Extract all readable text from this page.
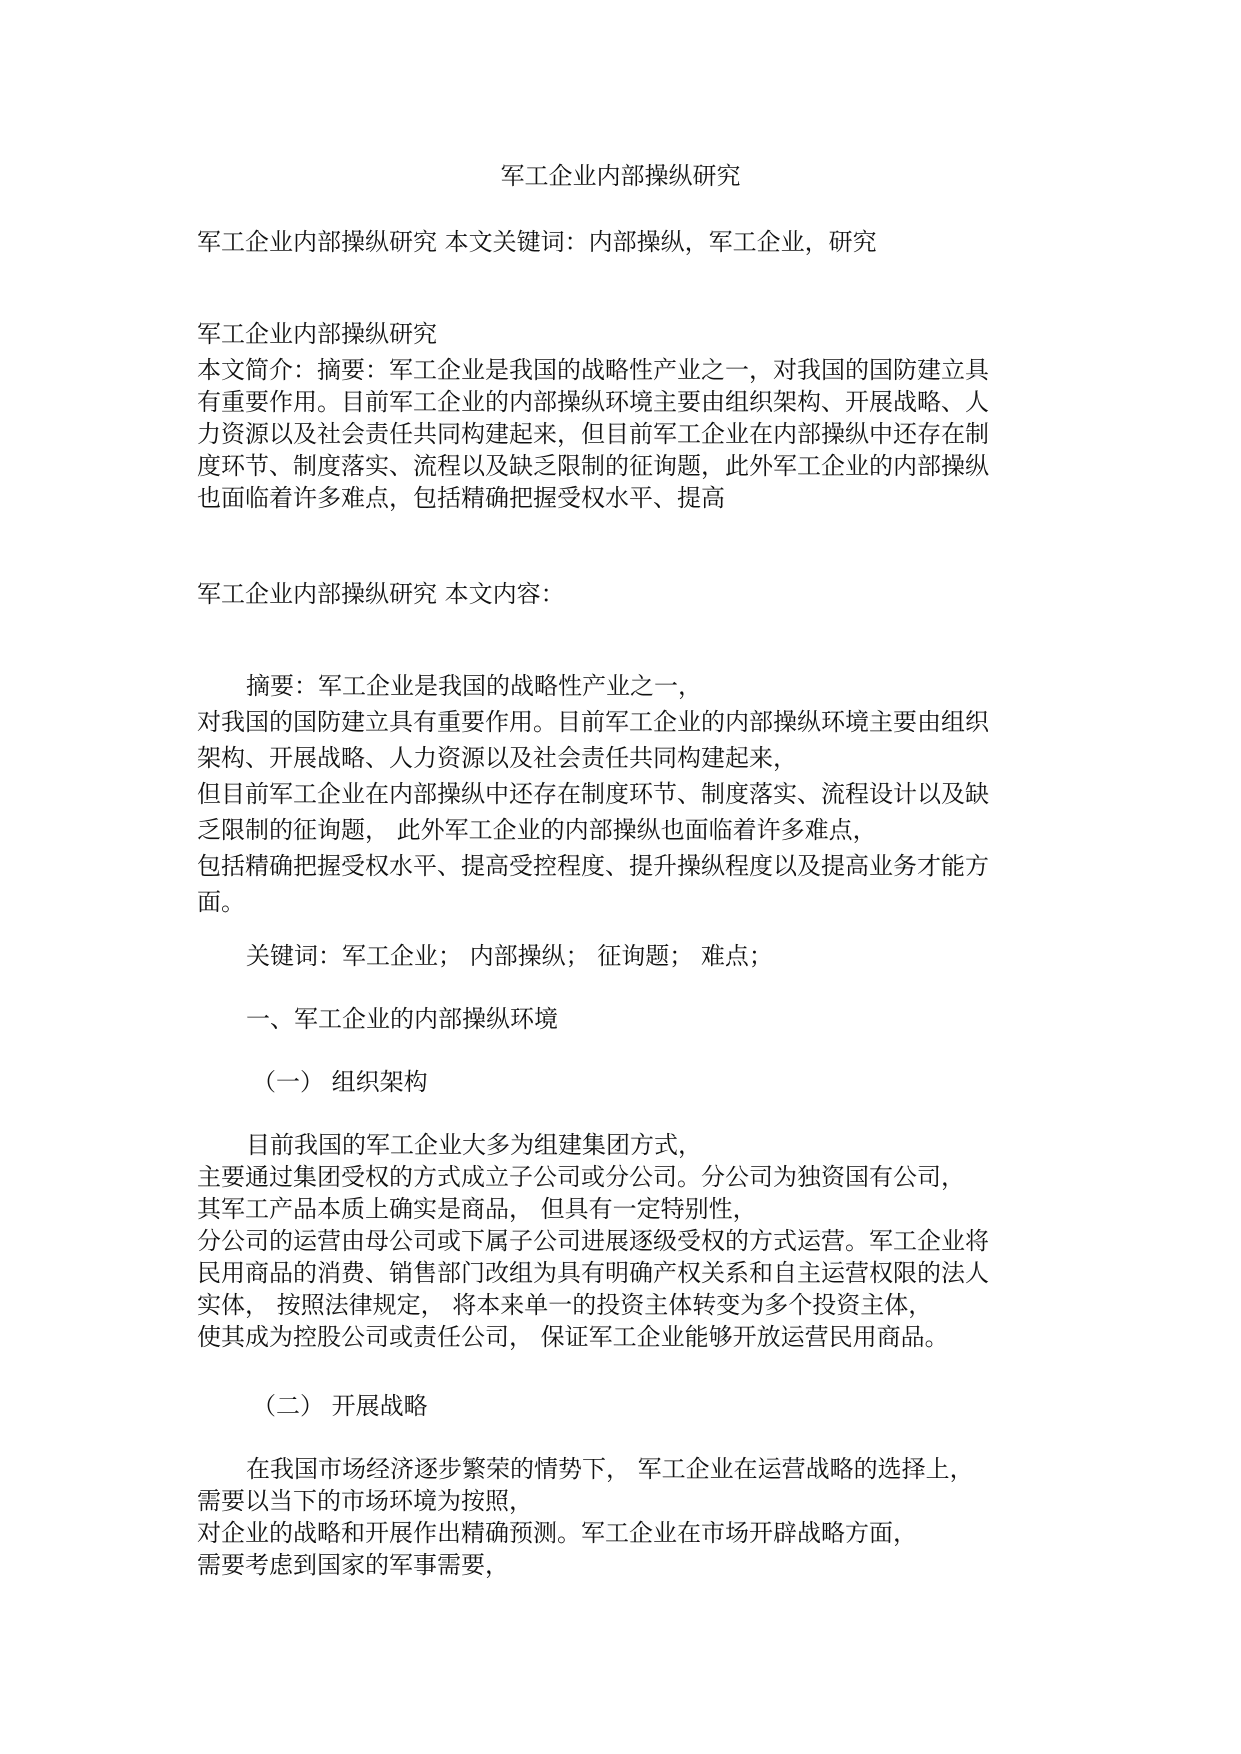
军工企业内部操纵研究
军工企业内部操纵研究 本文关键词：内部操纵，军工企业，研究
军工企业内部操纵研究
本文简介：摘要：军工企业是我国的战略性产业之一，对我国的国防建立具
有重要作用。目前军工企业的内部操纵环境主要由组织架构、开展战略、人
力资源以及社会责任共同构建起来，但目前军工企业在内部操纵中还存在制
度环节、制度落实、流程以及缺乏限制的征询题，此外军工企业的内部操纵
也面临着许多难点，包括精确把握受权水平、提高
军工企业内部操纵研究 本文内容：
摘要：军工企业是我国的战略性产业之一，
对我国的国防建立具有重要作用。目前军工企业的内部操纵环境主要由组织
架构、开展战略、人力资源以及社会责任共同构建起来，
但目前军工企业在内部操纵中还存在制度环节、制度落实、流程设计以及缺
乏限制的征询题， 此外军工企业的内部操纵也面临着许多难点，
包括精确把握受权水平、提高受控程度、提升操纵程度以及提高业务才能方
面。
关键词：军工企业； 内部操纵； 征询题； 难点；
一、军工企业的内部操纵环境
（一） 组织架构
目前我国的军工企业大多为组建集团方式，
主要通过集团受权的方式成立子公司或分公司。分公司为独资国有公司，
其军工产品本质上确实是商品， 但具有一定特别性，
分公司的运营由母公司或下属子公司进展逐级受权的方式运营。军工企业将
民用商品的消费、销售部门改组为具有明确产权关系和自主运营权限的法人
实体， 按照法律规定， 将本来单一的投资主体转变为多个投资主体，
使其成为控股公司或责任公司， 保证军工企业能够开放运营民用商品。
（二） 开展战略
在我国市场经济逐步繁荣的情势下， 军工企业在运营战略的选择上，
需要以当下的市场环境为按照，
对企业的战略和开展作出精确预测。军工企业在市场开辟战略方面，
需要考虑到国家的军事需要，
